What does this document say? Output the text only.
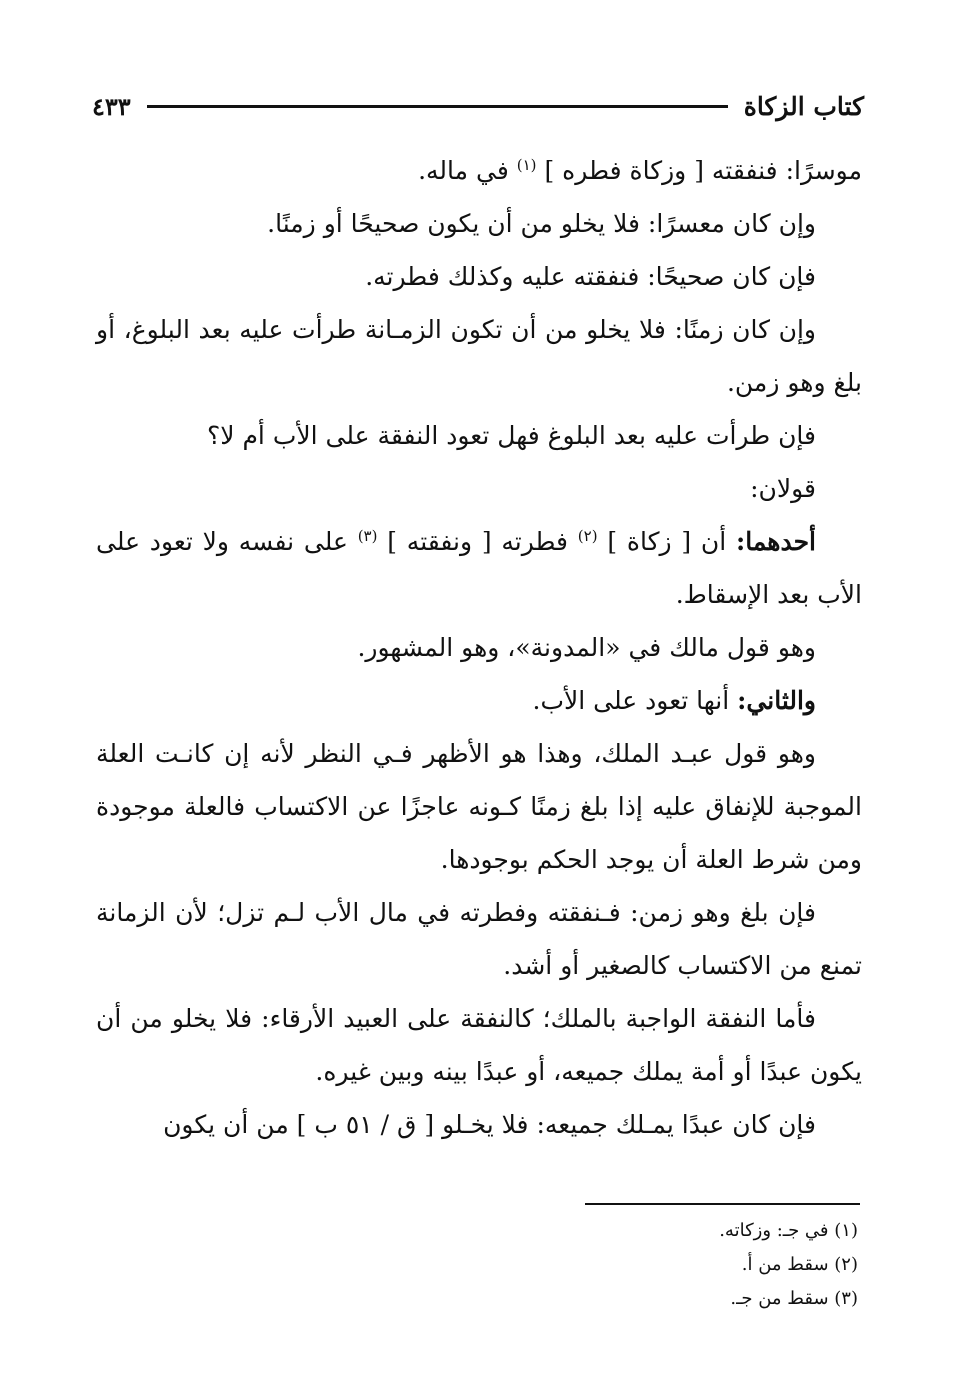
كتاب الزكاة
٤٣٣

موسرًا: فنفقته [ وزكاة فطره ] $^{(١)}$ في ماله.

وإن كان معسرًا: فلا يخلو من أن يكون صحيحًا أو زمنًا.

فإن كان صحيحًا: فنفقته عليه وكذلك فطرته.

وإن كان زمنًا: فلا يخلو من أن تكون الزمـانة طرأت عليه بعد البلوغ، أو بلغ وهو زمن.

فإن طرأت عليه بعد البلوغ فهل تعود النفقة على الأب أم لا؟

قولان:

أحدهما: أن [ زكاة ] $^{(٢)}$ فطرته [ ونفقته ] $^{(٣)}$ على نفسه ولا تعود على الأب بعد الإسقاط.

وهو قول مالك في «المدونة»، وهو المشهور.

والثاني: أنها تعود على الأب.

وهو قول عبـد الملك، وهذا هو الأظهر فـي النظر لأنه إن كانـت العلة الموجبة للإنفاق عليه إذا بلغ زمنًا كـونه عاجزًا عن الاكتساب فالعلة موجودة ومن شرط العلة أن يوجد الحكم بوجودها.

فإن بلغ وهو زمن: فـنفقته وفطرته في مال الأب لـم تزل؛ لأن الزمانة تمنع من الاكتساب كالصغير أو أشد.

فأما النفقة الواجبة بالملك؛ كالنفقة على العبيد الأرقاء: فلا يخلو من أن يكون عبدًا أو أمة يملك جميعه، أو عبدًا بينه وبين غيره.

فإن كان عبدًا يمـلك جميعه: فلا يخـلو [ ق / ٥١ ب ] من أن يكون

(١) في جـ: وزكاته.

(٢) سقط من أ.

(٣) سقط من جـ.
